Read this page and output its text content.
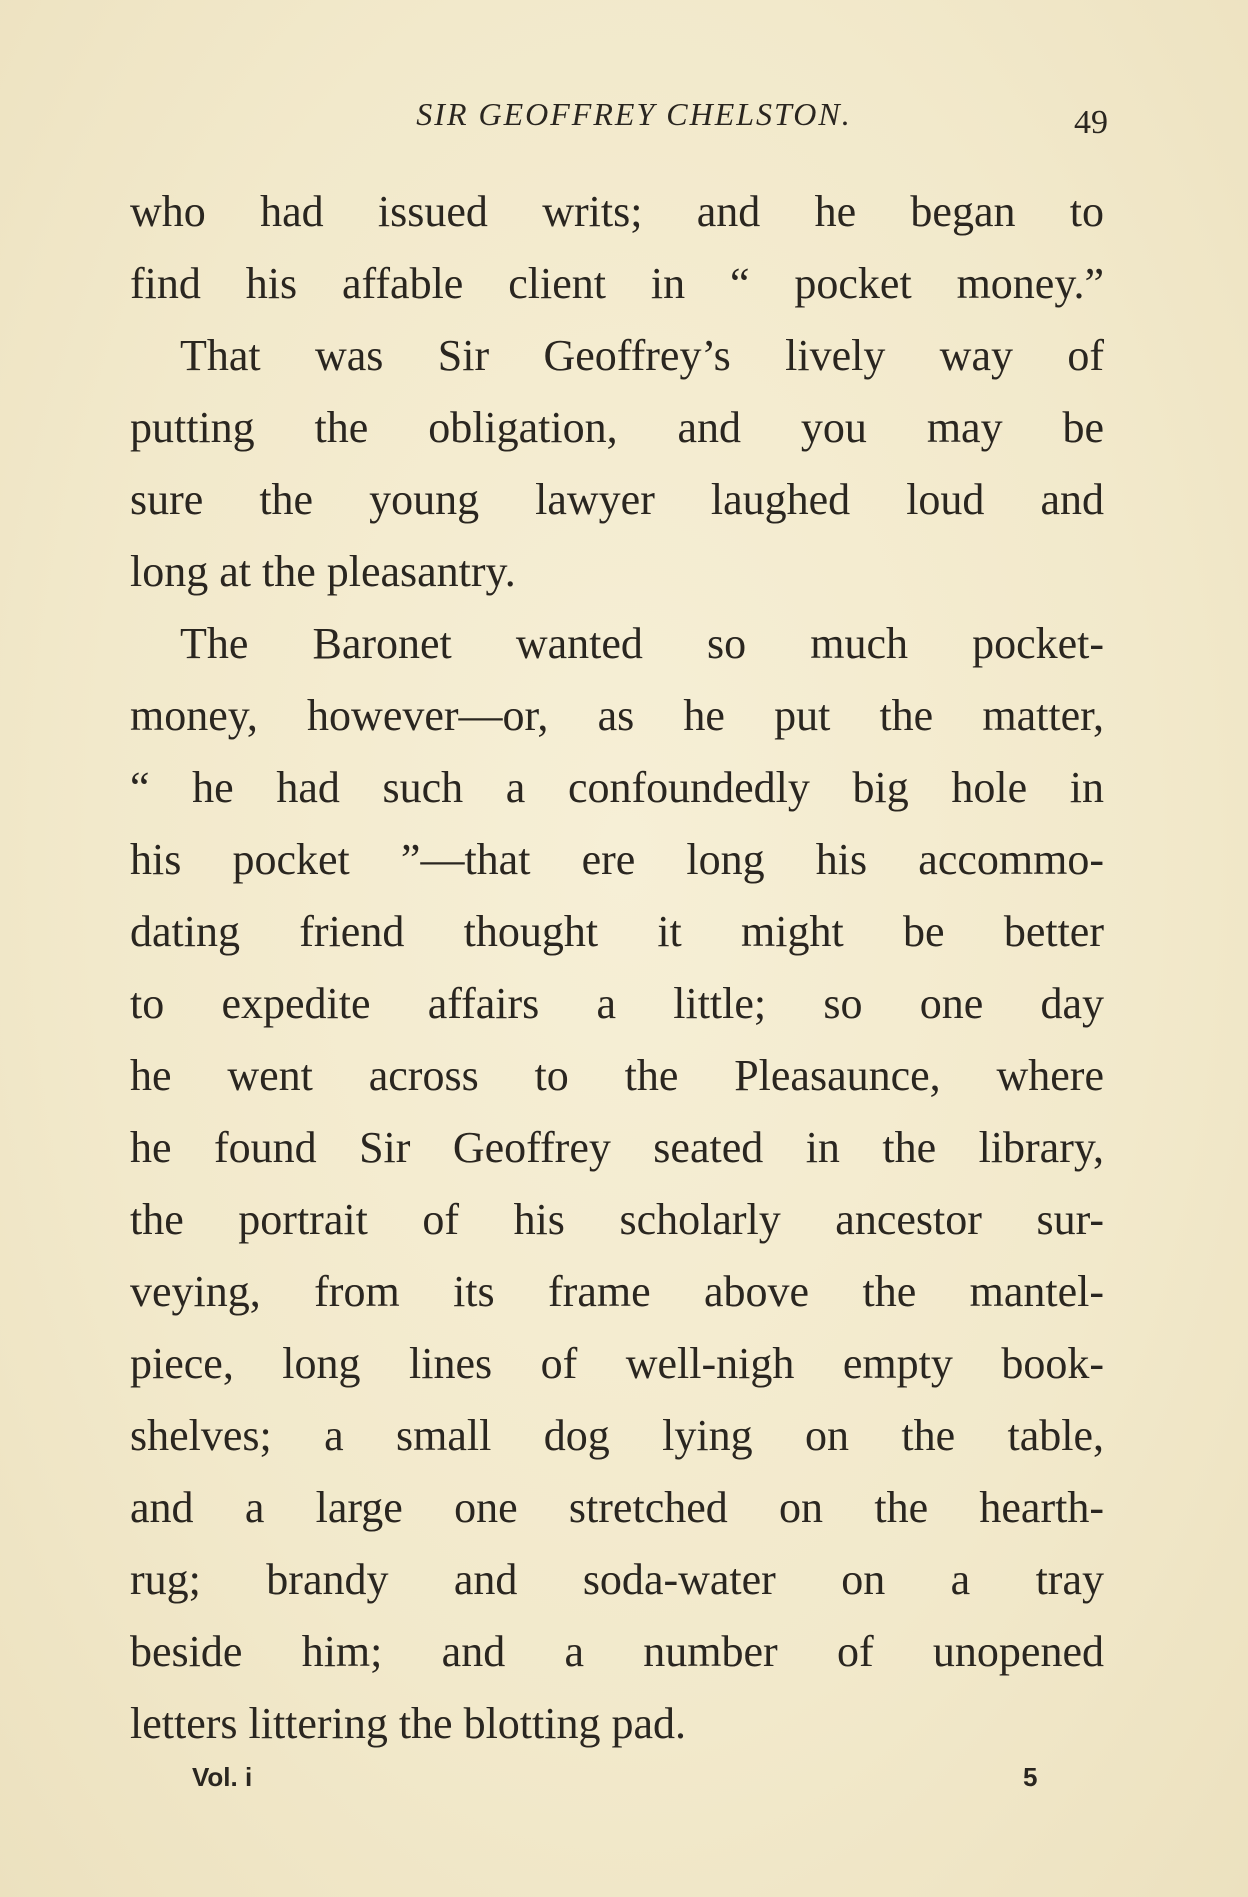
SIR GEOFFREY CHELSTON.	49
who had issued writs; and he began to
find his affable client in “ pocket money.”
That was Sir Geoffrey’s lively way of
putting the obligation, and you may be
sure the young lawyer laughed loud and
long at the pleasantry.
The Baronet wanted so much pocket-
money, however—or, as he put the matter,
“ he had such a confoundedly big hole in
his pocket ”—that ere long his accommo-
dating friend thought it might be better
to expedite affairs a little; so one day
he went across to the Pleasaunce, where
he found Sir Geoffrey seated in the library,
the portrait of his scholarly ancestor sur-
veying, from its frame above the mantel-
piece, long lines of well-nigh empty book-
shelves; a small dog lying on the table,
and a large one stretched on the hearth-
rug; brandy and soda-water on a tray
beside him; and a number of unopened
letters littering the blotting pad.
Vol. i	5
